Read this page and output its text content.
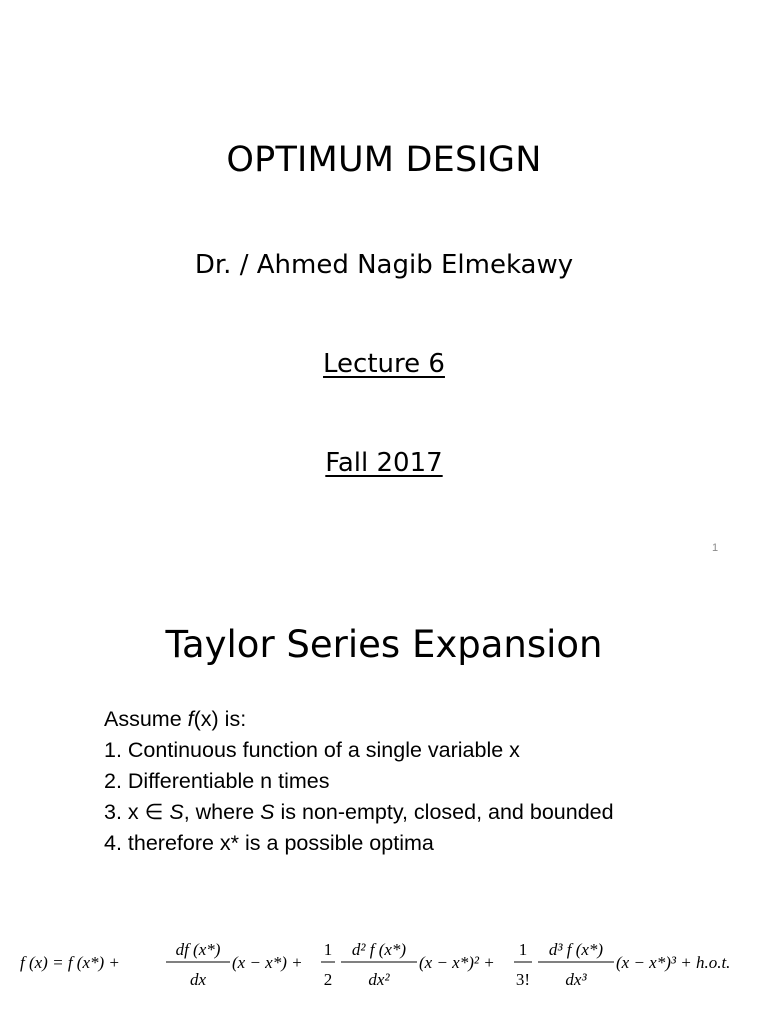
OPTIMUM DESIGN
Dr. / Ahmed Nagib Elmekawy
Lecture 6
Fall 2017
1
Taylor Series Expansion
Assume f(x) is:
1. Continuous function of a single variable x
2. Differentiable n times
3. x ∈ S, where S is non-empty, closed, and bounded
4. therefore x* is a possible optima
f (x) = f (x*) +
df (x*)
dx
(x − x*) +
1
2
d² f (x*)
dx²
(x − x*)² +
1
3!
d³ f (x*)
dx³
(x − x*)³ + h.o.t.
